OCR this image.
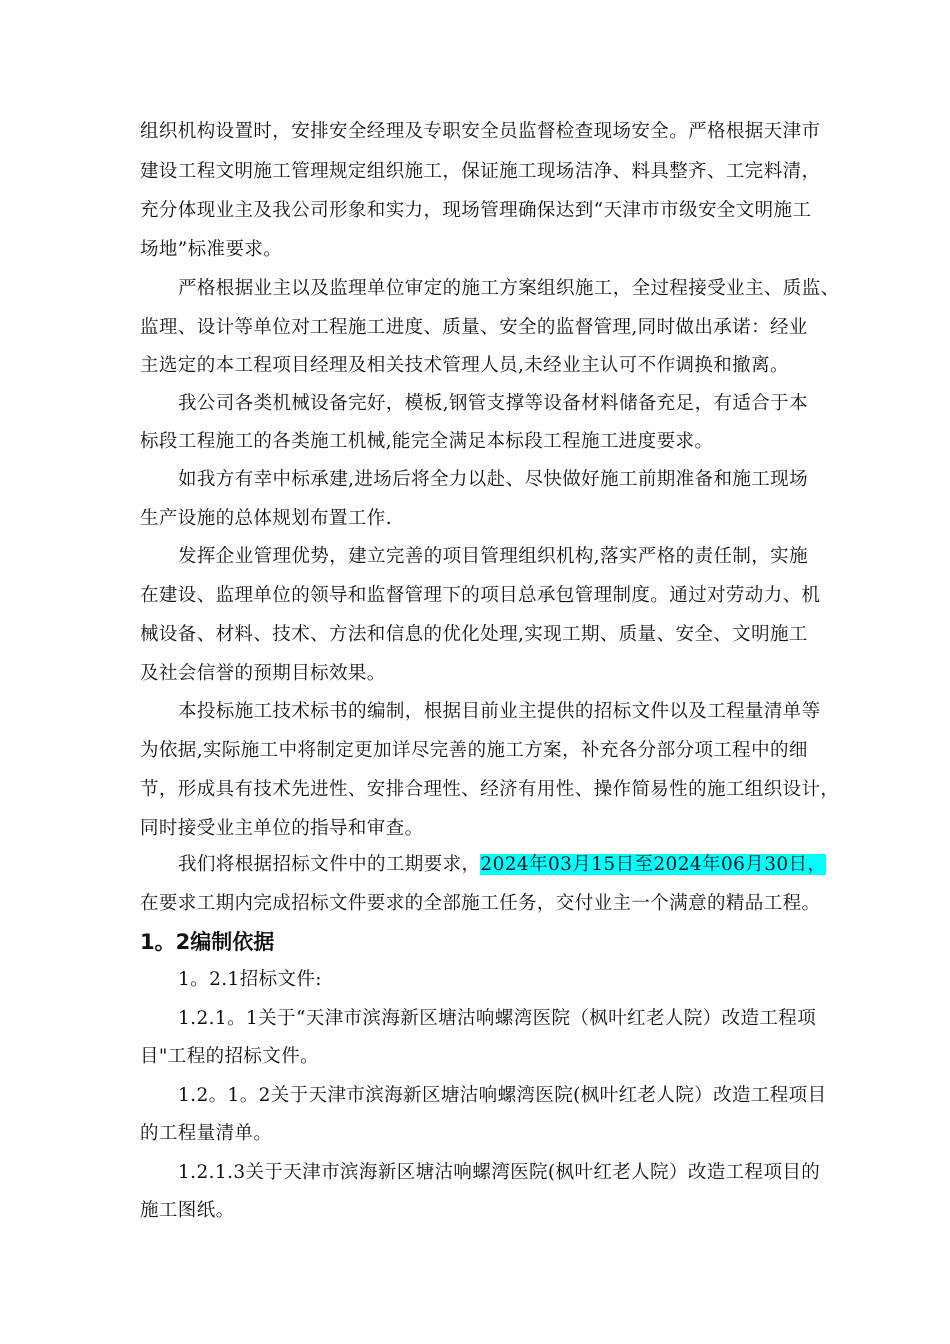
组织机构设置时，安排安全经理及专职安全员监督检查现场安全。严格根据天津市
建设工程文明施工管理规定组织施工，保证施工现场洁净、料具整齐、工完料清，
充分体现业主及我公司形象和实力，现场管理确保达到“天津市市级安全文明施工
场地”标准要求。
严格根据业主以及监理单位审定的施工方案组织施工，全过程接受业主、质监、
监理、设计等单位对工程施工进度、质量、安全的监督管理,同时做出承诺：经业
主选定的本工程项目经理及相关技术管理人员,未经业主认可不作调换和撤离。
我公司各类机械设备完好，模板,钢管支撑等设备材料储备充足，有适合于本
标段工程施工的各类施工机械,能完全满足本标段工程施工进度要求。
如我方有幸中标承建,进场后将全力以赴、尽快做好施工前期准备和施工现场
生产设施的总体规划布置工作.
发挥企业管理优势，建立完善的项目管理组织机构,落实严格的责任制，实施
在建设、监理单位的领导和监督管理下的项目总承包管理制度。通过对劳动力、机
械设备、材料、技术、方法和信息的优化处理,实现工期、质量、安全、文明施工
及社会信誉的预期目标效果。
本投标施工技术标书的编制，根据目前业主提供的招标文件以及工程量清单等
为依据,实际施工中将制定更加详尽完善的施工方案，补充各分部分项工程中的细
节，形成具有技术先进性、安排合理性、经济有用性、操作简易性的施工组织设计，
同时接受业主单位的指导和审查。
我们将根据招标文件中的工期要求，2024年03月15日至2024年06月30日，
在要求工期内完成招标文件要求的全部施工任务，交付业主一个满意的精品工程。
1。2编制依据
1。2.1招标文件:
1.2.1。1关于“天津市滨海新区塘沽响螺湾医院（枫叶红老人院）改造工程项
目"工程的招标文件。
1.2。1。2关于天津市滨海新区塘沽响螺湾医院(枫叶红老人院）改造工程项目
的工程量清单。
1.2.1.3关于天津市滨海新区塘沽响螺湾医院(枫叶红老人院）改造工程项目的
施工图纸。
